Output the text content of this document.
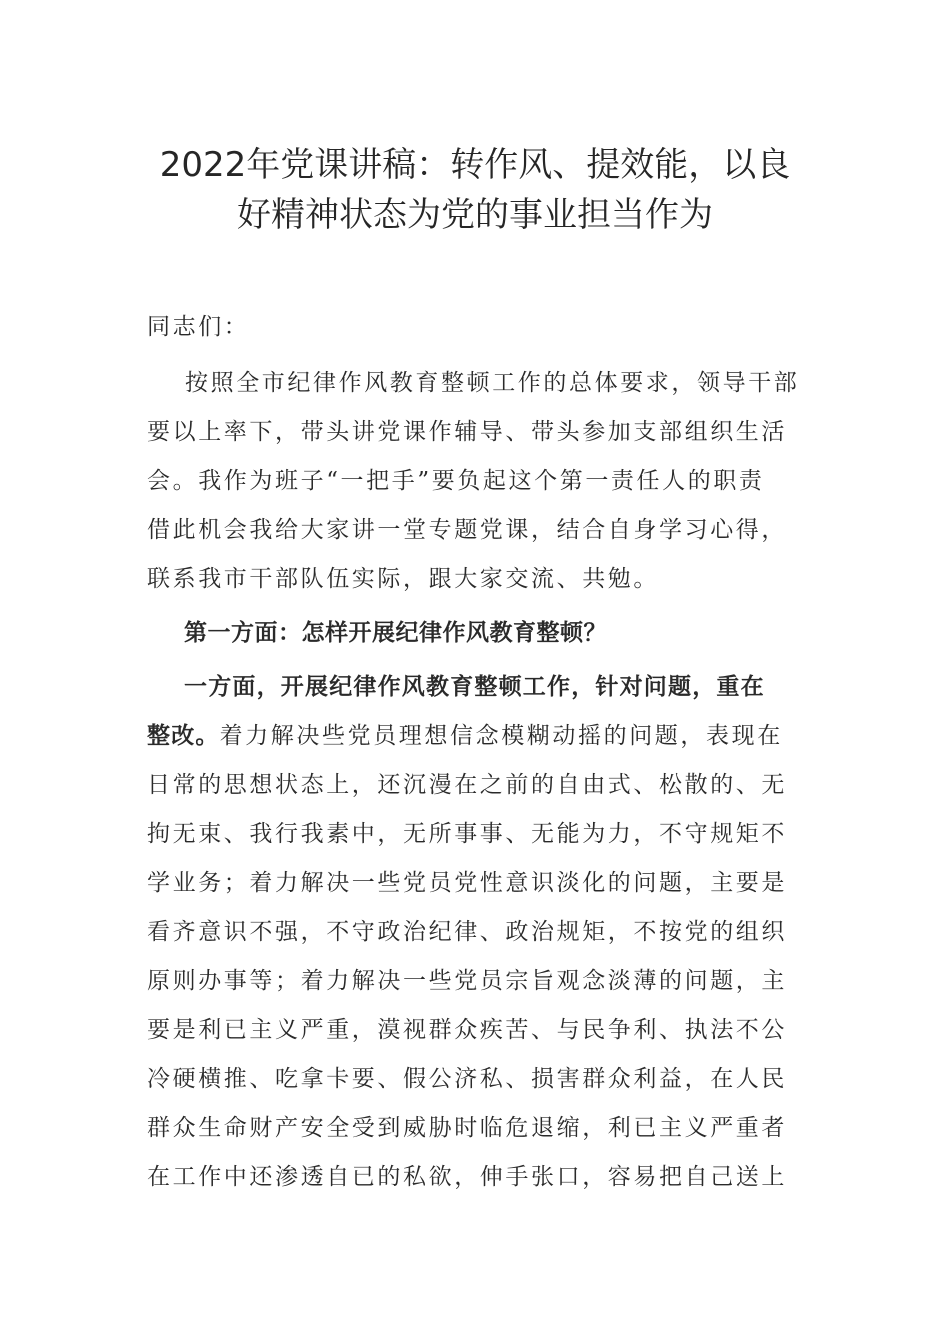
2022年党课讲稿：转作风、提效能，以良
好精神状态为党的事业担当作为

同志们：

按照全市纪律作风教育整顿工作的总体要求，领导干部
要以上率下，带头讲党课作辅导、带头参加支部组织生活
会。我作为班子“一把手”要负起这个第一责任人的职责
借此机会我给大家讲一堂专题党课，结合自身学习心得，
联系我市干部队伍实际，跟大家交流、共勉。

第一方面：怎样开展纪律作风教育整顿？

一方面，开展纪律作风教育整顿工作，针对问题，重在
整改。着力解决些党员理想信念模糊动摇的问题，表现在
日常的思想状态上，还沉漫在之前的自由式、松散的、无
拘无束、我行我素中，无所事事、无能为力，不守规矩不
学业务；着力解决一些党员党性意识淡化的问题，主要是
看齐意识不强，不守政治纪律、政治规矩，不按党的组织
原则办事等；着力解决一些党员宗旨观念淡薄的问题，主
要是利已主义严重，漠视群众疾苦、与民争利、执法不公
冷硬横推、吃拿卡要、假公济私、损害群众利益，在人民
群众生命财产安全受到威胁时临危退缩，利已主义严重者
在工作中还渗透自已的私欲，伸手张口，容易把自己送上
